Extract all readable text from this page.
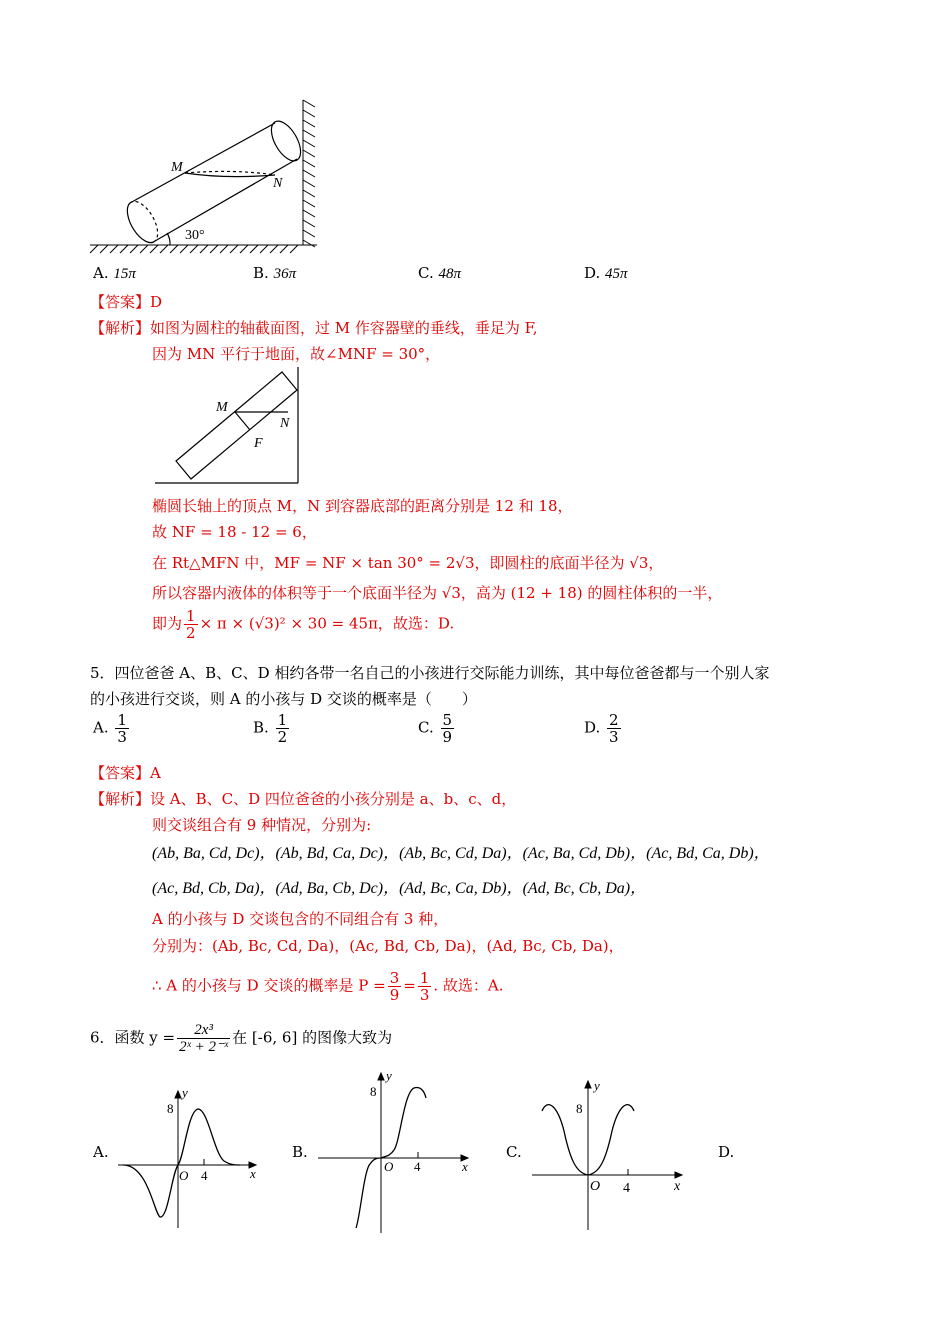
M
N
30°
A. 15π	B. 36π	C. 48π	D. 45π
【答案】D
【解析】如图为圆柱的轴截面图，过 M 作容器壁的垂线，垂足为 F,
因为 MN 平行于地面，故∠MNF = 30°，
M
N
F
椭圆长轴上的顶点 M，N 到容器底部的距离分别是 12 和 18，
故 NF = 18 - 12 = 6，
在 Rt△MFN 中，MF = NF × tan 30° = 2√3，即圆柱的底面半径为 √3，
所以容器内液体的体积等于一个底面半径为 √3，高为 (12 + 18) 的圆柱体积的一半，
即为 $\frac{1}{2} \times \pi \times (√3)^2 \times 30 = 45\pi$，故选：D.
5．四位爸爸 A、B、C、D 相约各带一名自己的小孩进行交际能力训练，其中每位爸爸都与一个别人家
的小孩进行交谈，则 A 的小孩与 D 交谈的概率是（　　）
A. $\frac{1}{3}$	B. $\frac{1}{2}$	C. $\frac{5}{9}$	D. $\frac{2}{3}$
【答案】A
【解析】设 A、B、C、D 四位爸爸的小孩分别是 a、b、c、d，
则交谈组合有 9 种情况，分别为:
(Ab, Ba, Cd, Dc)，(Ab, Bd, Ca, Dc)，(Ab, Bc, Cd, Da)，(Ac, Ba, Cd, Db)，(Ac, Bd, Ca, Db)，
(Ac, Bd, Cb, Da)，(Ad, Ba, Cb, Dc)，(Ad, Bc, Ca, Db)，(Ad, Bc, Cb, Da)，
A 的小孩与 D 交谈包含的不同组合有 3 种，
分别为：(Ab, Bc, Cd, Da)，(Ac, Bd, Cb, Da)，(Ad, Bc, Cb, Da)，
∴ A 的小孩与 D 交谈的概率是 $P = \frac{3}{9} = \frac{1}{3}$ . 故选：A.
6．函数 $y = \frac{\text{2x³}}{\text{2ˣ + 2⁻ˣ}}$ 在 [-6, 6] 的图像大致为
A.
y
8
O 4	x
B.
y
8
O 4	x
C.
y
8
O 4	x
D.
